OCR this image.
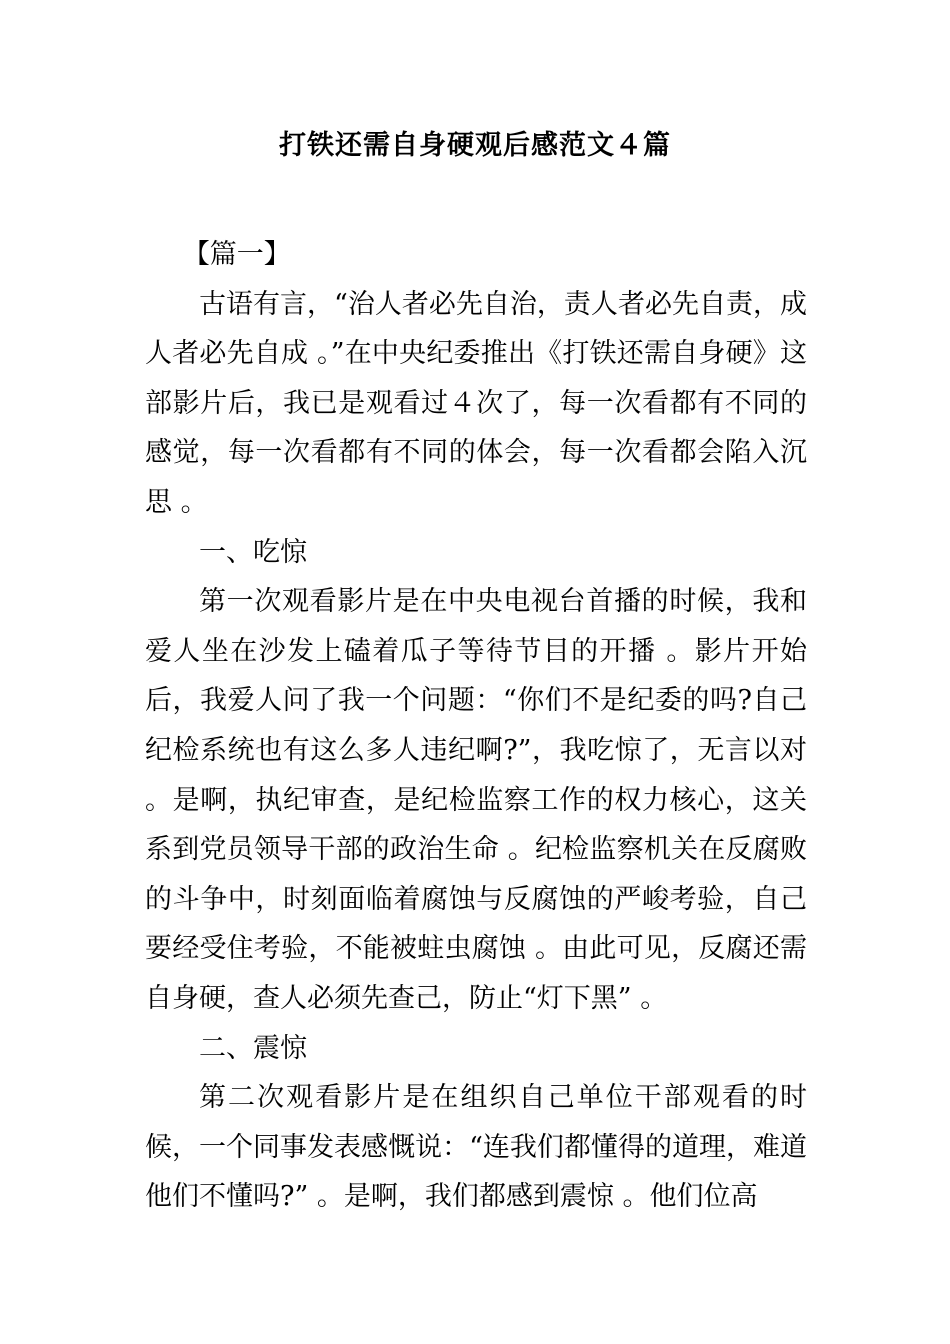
打铁还需自身硬观后感范文４篇

【篇一】

古语有言，“治人者必先自治，责人者必先自责，成人者必先自成 。”在中央纪委推出《打铁还需自身硬》这部影片后，我已是观看过４次了，每一次看都有不同的感觉，每一次看都有不同的体会，每一次看都会陷入沉思 。

一、吃惊

第一次观看影片是在中央电视台首播的时候，我和爱人坐在沙发上磕着瓜子等待节目的开播 。影片开始后，我爱人问了我一个问题：“你们不是纪委的吗?自己纪检系统也有这么多人违纪啊?”，我吃惊了，无言以对 。是啊，执纪审查，是纪检监察工作的权力核心，这关系到党员领导干部的政治生命 。纪检监察机关在反腐败的斗争中，时刻面临着腐蚀与反腐蚀的严峻考验，自己要经受住考验，不能被蛀虫腐蚀 。由此可见，反腐还需自身硬，查人必须先查己，防止“灯下黑” 。

二、震惊

第二次观看影片是在组织自己单位干部观看的时候，一个同事发表感慨说：“连我们都懂得的道理，难道他们不懂吗?” 。是啊，我们都感到震惊 。他们位高
